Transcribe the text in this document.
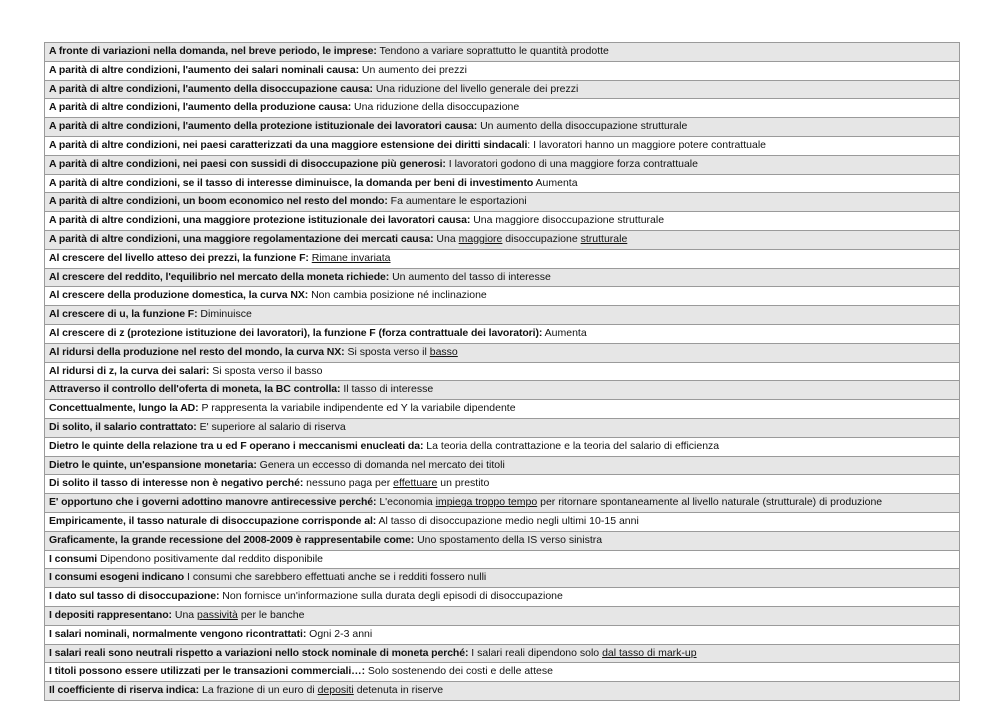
A fronte di variazioni nella domanda, nel breve periodo, le imprese: Tendono a variare soprattutto le quantità prodotte
A parità di altre condizioni, l'aumento dei salari nominali causa: Un aumento dei prezzi
A parità di altre condizioni, l'aumento della disoccupazione causa: Una riduzione del livello generale dei prezzi
A parità di altre condizioni, l'aumento della produzione causa: Una riduzione della disoccupazione
A parità di altre condizioni, l'aumento della protezione istituzionale dei lavoratori causa: Un aumento della disoccupazione strutturale
A parità di altre condizioni, nei paesi caratterizzati da una maggiore estensione dei diritti sindacali: I lavoratori hanno un maggiore potere contrattuale
A parità di altre condizioni, nei paesi con sussidi di disoccupazione più generosi: I lavoratori godono di una maggiore forza contrattuale
A parità di altre condizioni, se il tasso di interesse diminuisce, la domanda per beni di investimento Aumenta
A parità di altre condizioni, un boom economico nel resto del mondo: Fa aumentare le esportazioni
A parità di altre condizioni, una maggiore protezione istituzionale dei lavoratori causa: Una maggiore disoccupazione strutturale
A parità di altre condizioni, una maggiore regolamentazione dei mercati causa: Una maggiore disoccupazione strutturale
Al crescere del livello atteso dei prezzi, la funzione F: Rimane invariata
Al crescere del reddito, l'equilibrio nel mercato della moneta richiede: Un aumento del tasso di interesse
Al crescere della produzione domestica, la curva NX: Non cambia posizione né inclinazione
Al crescere di u, la funzione F: Diminuisce
Al crescere di z (protezione istituzione dei lavoratori), la funzione F (forza contrattuale dei lavoratori): Aumenta
Al ridursi della produzione nel resto del mondo, la curva NX: Si sposta verso il basso
Al ridursi di z, la curva dei salari: Si sposta verso il basso
Attraverso il controllo dell'oferta di moneta, la BC controlla: Il tasso di interesse
Concettualmente, lungo la AD: P rappresenta la variabile indipendente ed Y la variabile dipendente
Di solito, il salario contrattato: E' superiore al salario di riserva
Dietro le quinte della relazione tra u ed F operano i meccanismi enucleati da: La teoria della contrattazione e la teoria del salario di efficienza
Dietro le quinte, un'espansione monetaria: Genera un eccesso di domanda nel mercato dei titoli
Di solito il tasso di interesse non è negativo perché: nessuno paga per effettuare un prestito
E' opportuno che i governi adottino manovre antirecessive perché: L'economia impiega troppo tempo per ritornare spontaneamente al livello naturale (strutturale) di produzione
Empiricamente, il tasso naturale di disoccupazione corrisponde al: Al tasso di disoccupazione medio negli ultimi 10-15 anni
Graficamente, la grande recessione del 2008-2009 è rappresentabile come: Uno spostamento della IS verso sinistra
I consumi Dipendono positivamente dal reddito disponibile
I consumi esogeni indicano I consumi che sarebbero effettuati anche se i redditi fossero nulli
I dato sul tasso di disoccupazione: Non fornisce un'informazione sulla durata degli episodi di disoccupazione
I depositi rappresentano: Una passività per le banche
I salari nominali, normalmente vengono ricontrattati: Ogni 2-3 anni
I salari reali sono neutrali rispetto a variazioni nello stock nominale di moneta perché: I salari reali dipendono solo dal tasso di mark-up
I titoli possono essere utilizzati per le transazioni commerciali…: Solo sostenendo dei costi e delle attese
Il coefficiente di riserva indica: La frazione di un euro di depositi detenuta in riserve
